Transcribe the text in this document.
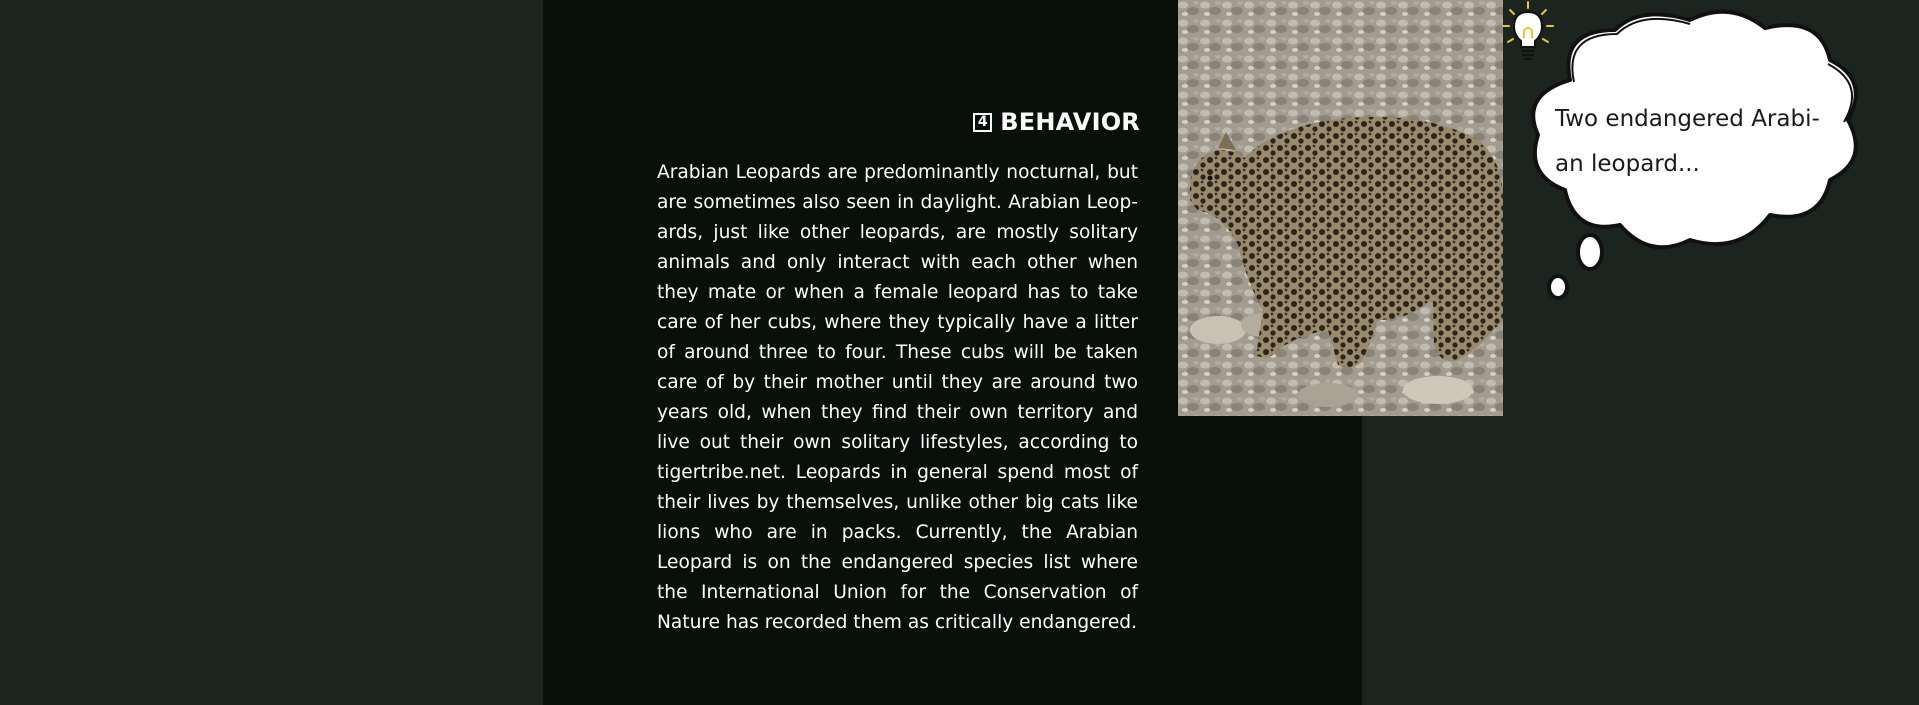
4 BEHAVIOR

Arabian Leopards are predominantly nocturnal, but are sometimes also seen in daylight. Arabian Leopards, just like other leopards, are mostly solitary animals and only interact with each other when they mate or when a female leopard has to take care of her cubs, where they typically have a litter of around three to four. These cubs will be taken care of by their mother until they are around two years old, when they find their own territory and live out their own solitary lifestyles, according to tigertribe.net. Leopards in general spend most of their lives by themselves, unlike other big cats like lions who are in packs. Currently, the Arabian Leopard is on the endangered species list where the International Union for the Conservation of Nature has recorded them as critically endangered.

Two endangered Arabi-an leopard...
